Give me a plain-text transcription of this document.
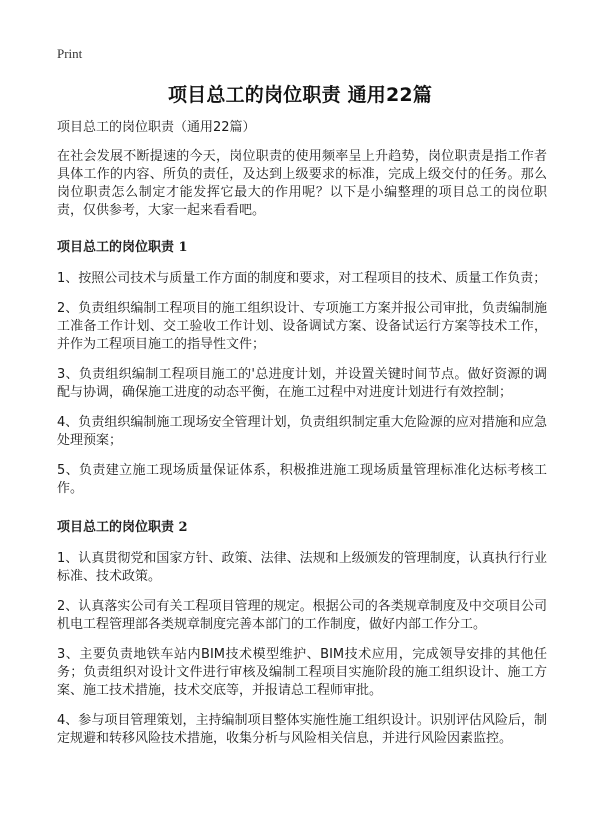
Print
项目总工的岗位职责 通用22篇
项目总工的岗位职责（通用22篇）

在社会发展不断提速的今天，岗位职责的使用频率呈上升趋势，岗位职责是指工作者具体工作的内容、所负的责任，及达到上级要求的标准，完成上级交付的任务。那么岗位职责怎么制定才能发挥它最大的作用呢？以下是小编整理的项目总工的岗位职责，仅供参考，大家一起来看看吧。

项目总工的岗位职责 1

1、按照公司技术与质量工作方面的制度和要求，对工程项目的技术、质量工作负责；

2、负责组织编制工程项目的施工组织设计、专项施工方案并报公司审批，负责编制施工准备工作计划、交工验收工作计划、设备调试方案、设备试运行方案等技术工作，并作为工程项目施工的指导性文件；

3、负责组织编制工程项目施工的'总进度计划，并设置关键时间节点。做好资源的调配与协调，确保施工进度的动态平衡，在施工过程中对进度计划进行有效控制；

4、负责组织编制施工现场安全管理计划，负责组织制定重大危险源的应对措施和应急处理预案；

5、负责建立施工现场质量保证体系，积极推进施工现场质量管理标准化达标考核工作。

项目总工的岗位职责 2

1、认真贯彻党和国家方针、政策、法律、法规和上级颁发的管理制度，认真执行行业标准、技术政策。

2、认真落实公司有关工程项目管理的规定。根据公司的各类规章制度及中交项目公司机电工程管理部各类规章制度完善本部门的工作制度，做好内部工作分工。

3、主要负责地铁车站内BIM技术模型维护、BIM技术应用，完成领导安排的其他任务；负责组织对设计文件进行审核及编制工程项目实施阶段的施工组织设计、施工方案、施工技术措施，技术交底等，并报请总工程师审批。

4、参与项目管理策划，主持编制项目整体实施性施工组织设计。识别评估风险后，制定规避和转移风险技术措施，收集分析与风险相关信息，并进行风险因素监控。
